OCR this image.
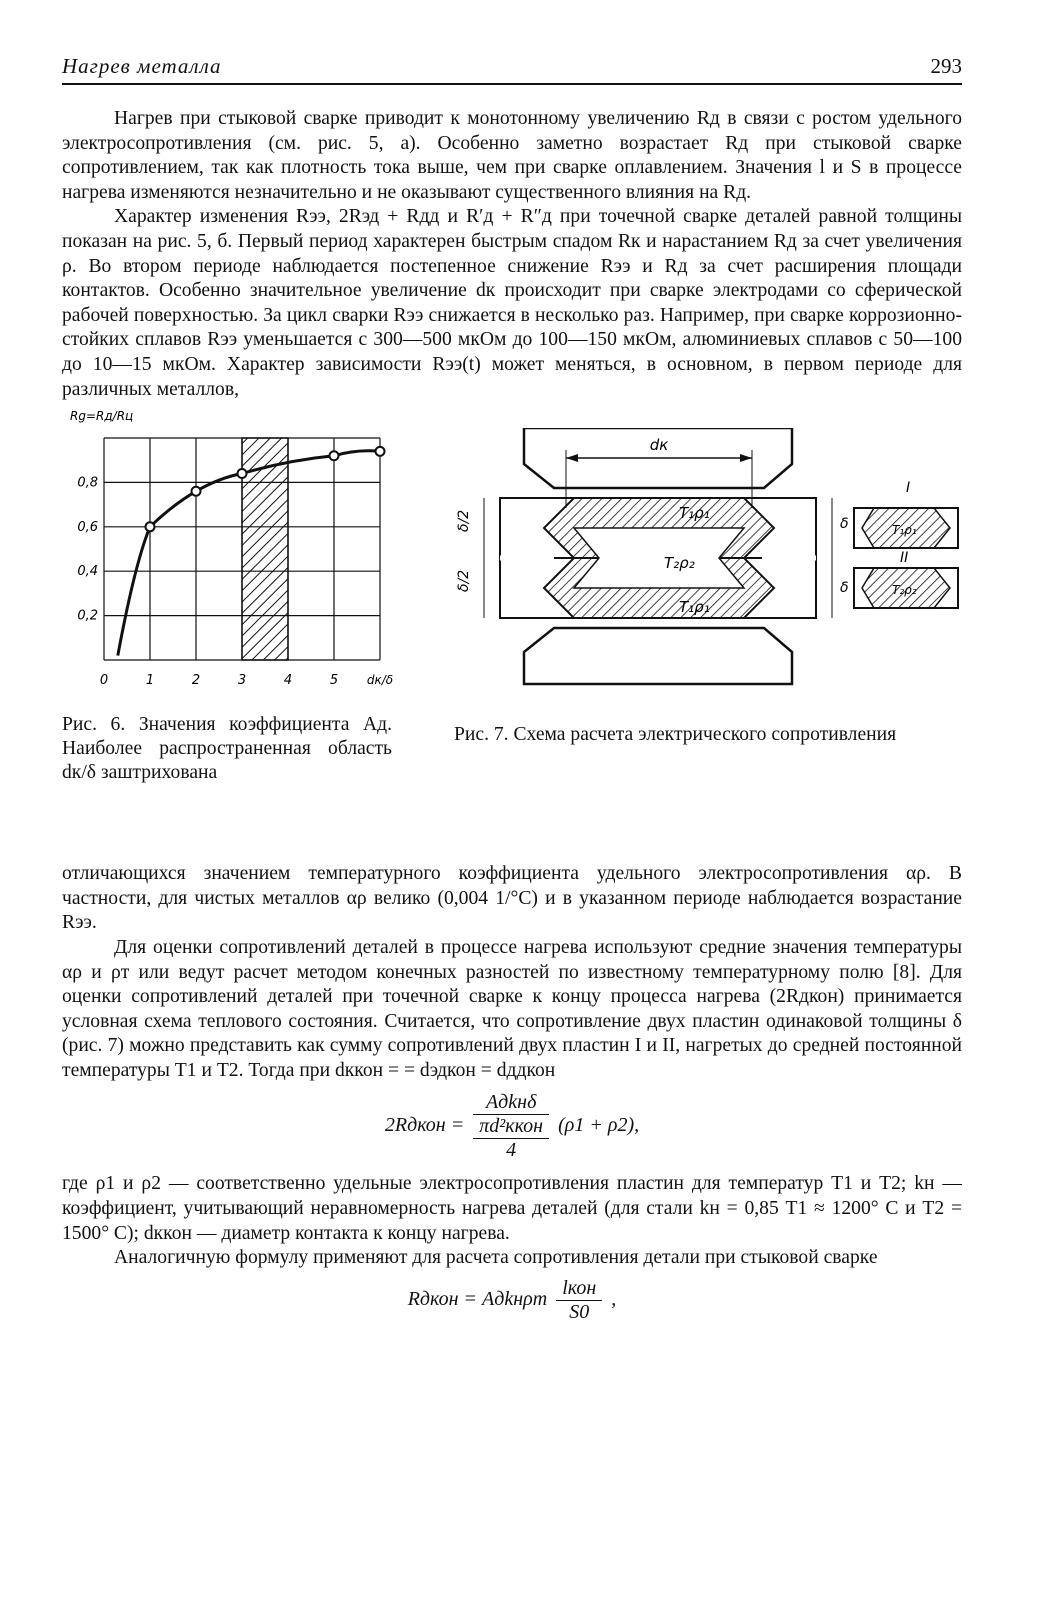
Нагрев металла	293

Нагрев при стыковой сварке приводит к монотонному увеличению Rд в связи с ростом удельного электросопротивления (см. рис. 5, а). Особенно заметно возрастает Rд при стыковой сварке сопротивлением, так как плотность тока выше, чем при сварке оплавлением. Значения l и S в процессе нагрева изменяются незначительно и не оказывают существенного влияния на Rд.

Характер изменения Rээ, 2Rэд + Rдд и R′д + R″д при точечной сварке деталей равной толщины показан на рис. 5, б. Первый период характерен быстрым спадом Rк и нарастанием Rд за счет увеличения ρ. Во втором периоде наблюдается постепенное снижение Rээ и Rд за счет расширения площади контактов. Особенно значительное увеличение dк происходит при сварке электродами со сферической рабочей поверхностью. За цикл сварки Rээ снижается в несколько раз. Например, при сварке коррозионно-стойких сплавов Rээ уменьшается с 300—500 мкОм до 100—150 мкОм, алюминиевых сплавов с 50—100 до 10—15 мкОм. Характер зависимости Rээ(t) может меняться, в основном, в первом периоде для различных металлов,

Rg=Rд/Rц
0	1	2	3	4	5 dк/δ
0,2
0,4
0,6
0,8

Рис. 6. Значения коэффициента Aд. Наиболее распространенная область dк/δ заштрихована

dк
T₁ρ₁
T₂ρ₂
T₁ρ₁
δ/2
δ/2
δ
δ
I
T₁ρ₁
II
T₂ρ₂

Рис. 7. Схема расчета электрического сопротивления

отличающихся значением температурного коэффициента удельного электросопротивления αρ. В частности, для чистых металлов αρ велико (0,004 1/°С) и в указанном периоде наблюдается возрастание Rээ.

Для оценки сопротивлений деталей в процессе нагрева используют средние значения температуры αρ и ρт или ведут расчет методом конечных разностей по известному температурному полю [8]. Для оценки сопротивлений деталей при точечной сварке к концу процесса нагрева (2Rдкон) принимается условная схема теплового состояния. Считается, что сопротивление двух пластин одинаковой толщины δ (рис. 7) можно представить как сумму сопротивлений двух пластин I и II, нагретых до средней постоянной температуры T1 и T2. Тогда при dккон = = dэдкон = dддкон

2Rдкон =
Aдkнδ
πd²ккон
4
(ρ1 + ρ2),

где ρ1 и ρ2 — соответственно удельные электросопротивления пластин для температур T1 и T2; kн — коэффициент, учитывающий неравномерность нагрева деталей (для стали kн = 0,85 T1 ≈ 1200° С и T2 = 1500° С); dккон — диаметр контакта к концу нагрева.

Аналогичную формулу применяют для расчета сопротивления детали при стыковой сварке

Rдкон = Aдkнρт $\frac{\text{lкон}}{S0}$ ,
